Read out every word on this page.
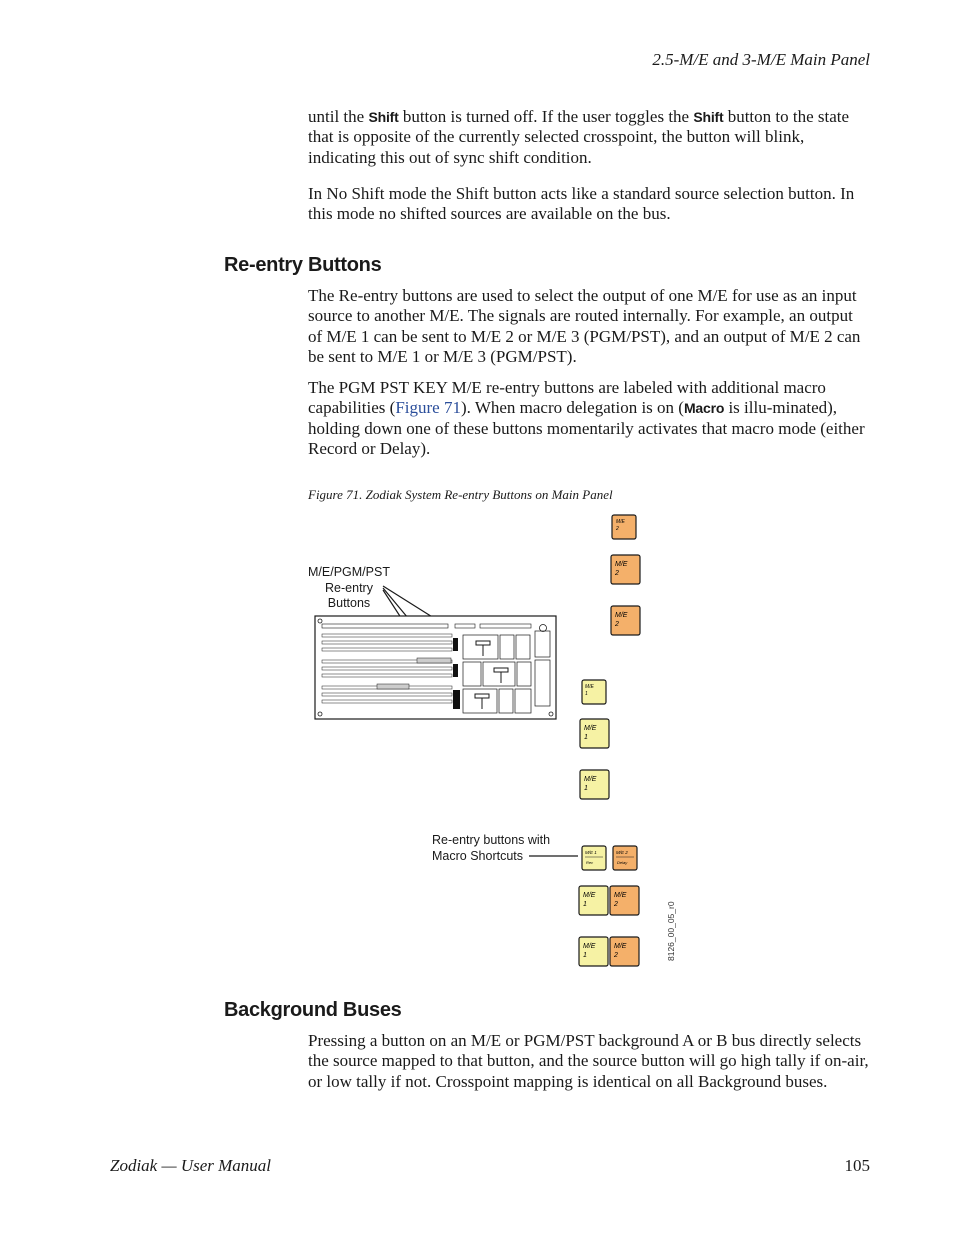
2.5-M/E and 3-M/E Main Panel
until the Shift button is turned off. If the user toggles the Shift button to the state that is opposite of the currently selected crosspoint, the button will blink, indicating this out of sync shift condition.
In No Shift mode the Shift button acts like a standard source selection button. In this mode no shifted sources are available on the bus.
Re-entry Buttons
The Re-entry buttons are used to select the output of one M/E for use as an input source to another M/E. The signals are routed internally. For example, an output of M/E 1 can be sent to M/E 2 or M/E 3 (PGM/PST), and an output of M/E 2 can be sent to M/E 1 or M/E 3 (PGM/PST).
The PGM PST KEY M/E re-entry buttons are labeled with additional macro capabilities (Figure 71). When macro delegation is on (Macro is illu-minated), holding down one of these buttons momentarily activates that macro mode (either Record or Delay).
Figure 71. Zodiak System Re-entry Buttons on Main Panel
M/E/PGM/PST
Re-entry
Buttons
Re-entry buttons with
Macro Shortcuts
M/E
2
M/E
2
M/E
2
M/E
1
M/E
1
M/E
1
M/E 1
Rec
M/E 2
Delay
M/E
1
M/E
2
M/E
1
M/E
2	8126_00_05_r0
Background Buses
Pressing a button on an M/E or PGM/PST background A or B bus directly selects the source mapped to that button, and the source button will go high tally if on-air, or low tally if not. Crosspoint mapping is identical on all Background buses.
Zodiak — User Manual	105
